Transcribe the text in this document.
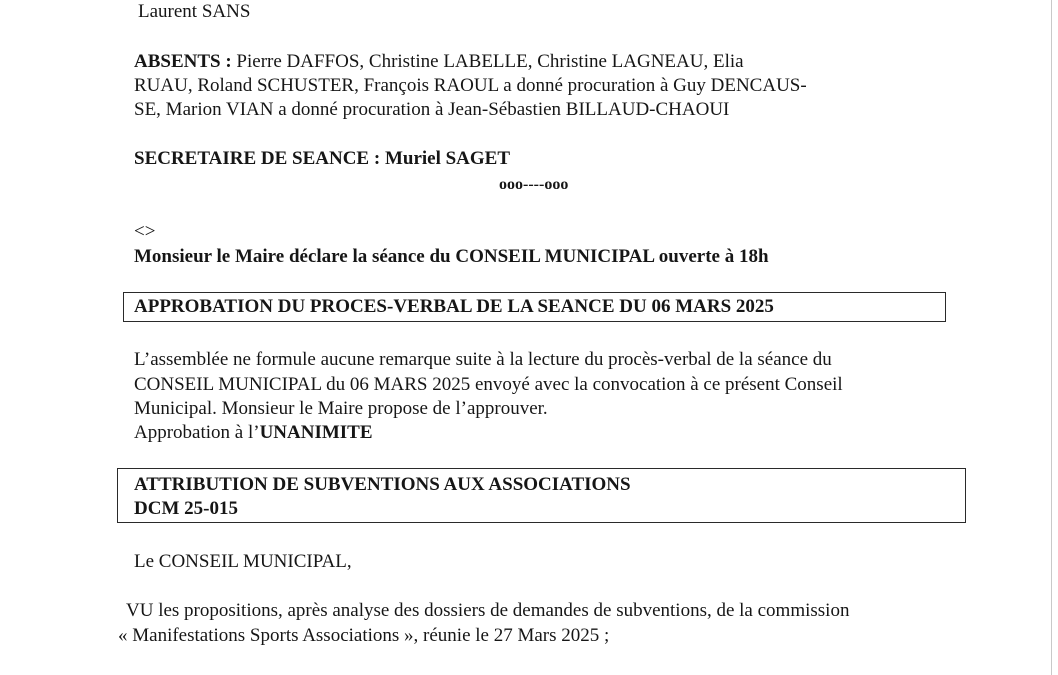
Laurent SANS

ABSENTS : Pierre DAFFOS, Christine LABELLE, Christine LAGNEAU, Elia

RUAU, Roland SCHUSTER, François RAOUL a donné procuration à Guy DENCAUS-

SE, Marion VIAN a donné procuration à Jean-Sébastien BILLAUD-CHAOUI

SECRETAIRE DE SEANCE : Muriel SAGET

ooo----ooo

<>

Monsieur le Maire déclare la séance du CONSEIL MUNICIPAL ouverte à 18h

APPROBATION DU PROCES-VERBAL DE LA SEANCE DU 06 MARS 2025

L’assemblée ne formule aucune remarque suite à la lecture du procès-verbal de la séance du

CONSEIL MUNICIPAL du 06 MARS 2025 envoyé avec la convocation à ce présent Conseil

Municipal. Monsieur le Maire propose de l’approuver.

Approbation à l’UNANIMITE

ATTRIBUTION DE SUBVENTIONS AUX ASSOCIATIONS

DCM 25-015

Le CONSEIL MUNICIPAL,

VU les propositions, après analyse des dossiers de demandes de subventions, de la commission

« Manifestations Sports Associations », réunie le 27 Mars 2025 ;
